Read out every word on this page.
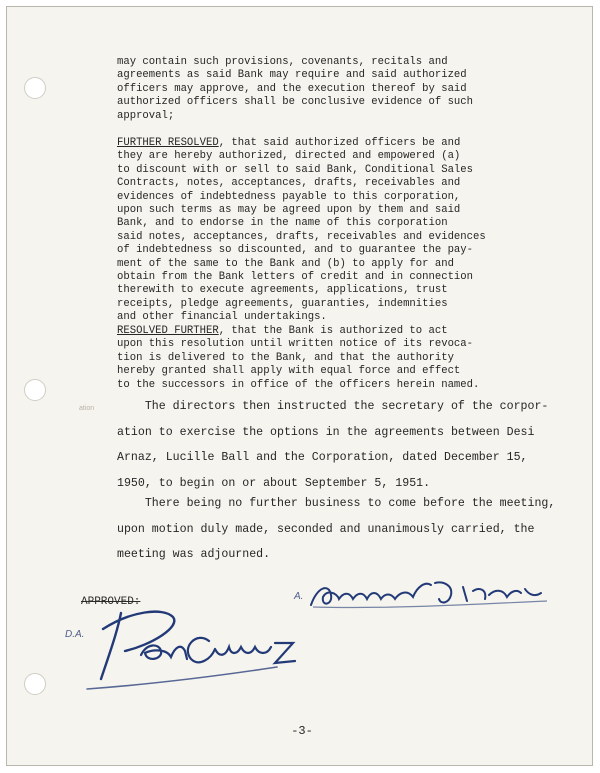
may contain such provisions, covenants, recitals and

agreements as said Bank may require and said authorized

officers may approve, and the execution thereof by said

authorized officers shall be conclusive evidence of such

approval;

FURTHER RESOLVED, that said authorized officers be and

they are hereby authorized, directed and empowered (a)

to discount with or sell to said Bank, Conditional Sales

Contracts, notes, acceptances, drafts, receivables and

evidences of indebtedness payable to this corporation,

upon such terms as may be agreed upon by them and said

Bank, and to endorse in the name of this corporation

said notes, acceptances, drafts, receivables and evidences

of indebtedness so discounted, and to guarantee the pay-

ment of the same to the Bank and (b) to apply for and

obtain from the Bank letters of credit and in connection

therewith to execute agreements, applications, trust

receipts, pledge agreements, guaranties, indemnities

and other financial undertakings.

RESOLVED FURTHER, that the Bank is authorized to act

upon this resolution until written notice of its revoca-

tion is delivered to the Bank, and that the authority

hereby granted shall apply with equal force and effect

to the successors in office of the officers herein named.

ation The directors then instructed the secretary of the corpor-

ation to exercise the options in the agreements between Desi

Arnaz, Lucille Ball and the Corporation, dated December 15,

1950, to begin on or about September 5, 1951.

There being no further business to come before the meeting,

upon motion duly made, seconded and unanimously carried, the

meeting was adjourned.

APPROVED:	A.
D.A.
-3-
